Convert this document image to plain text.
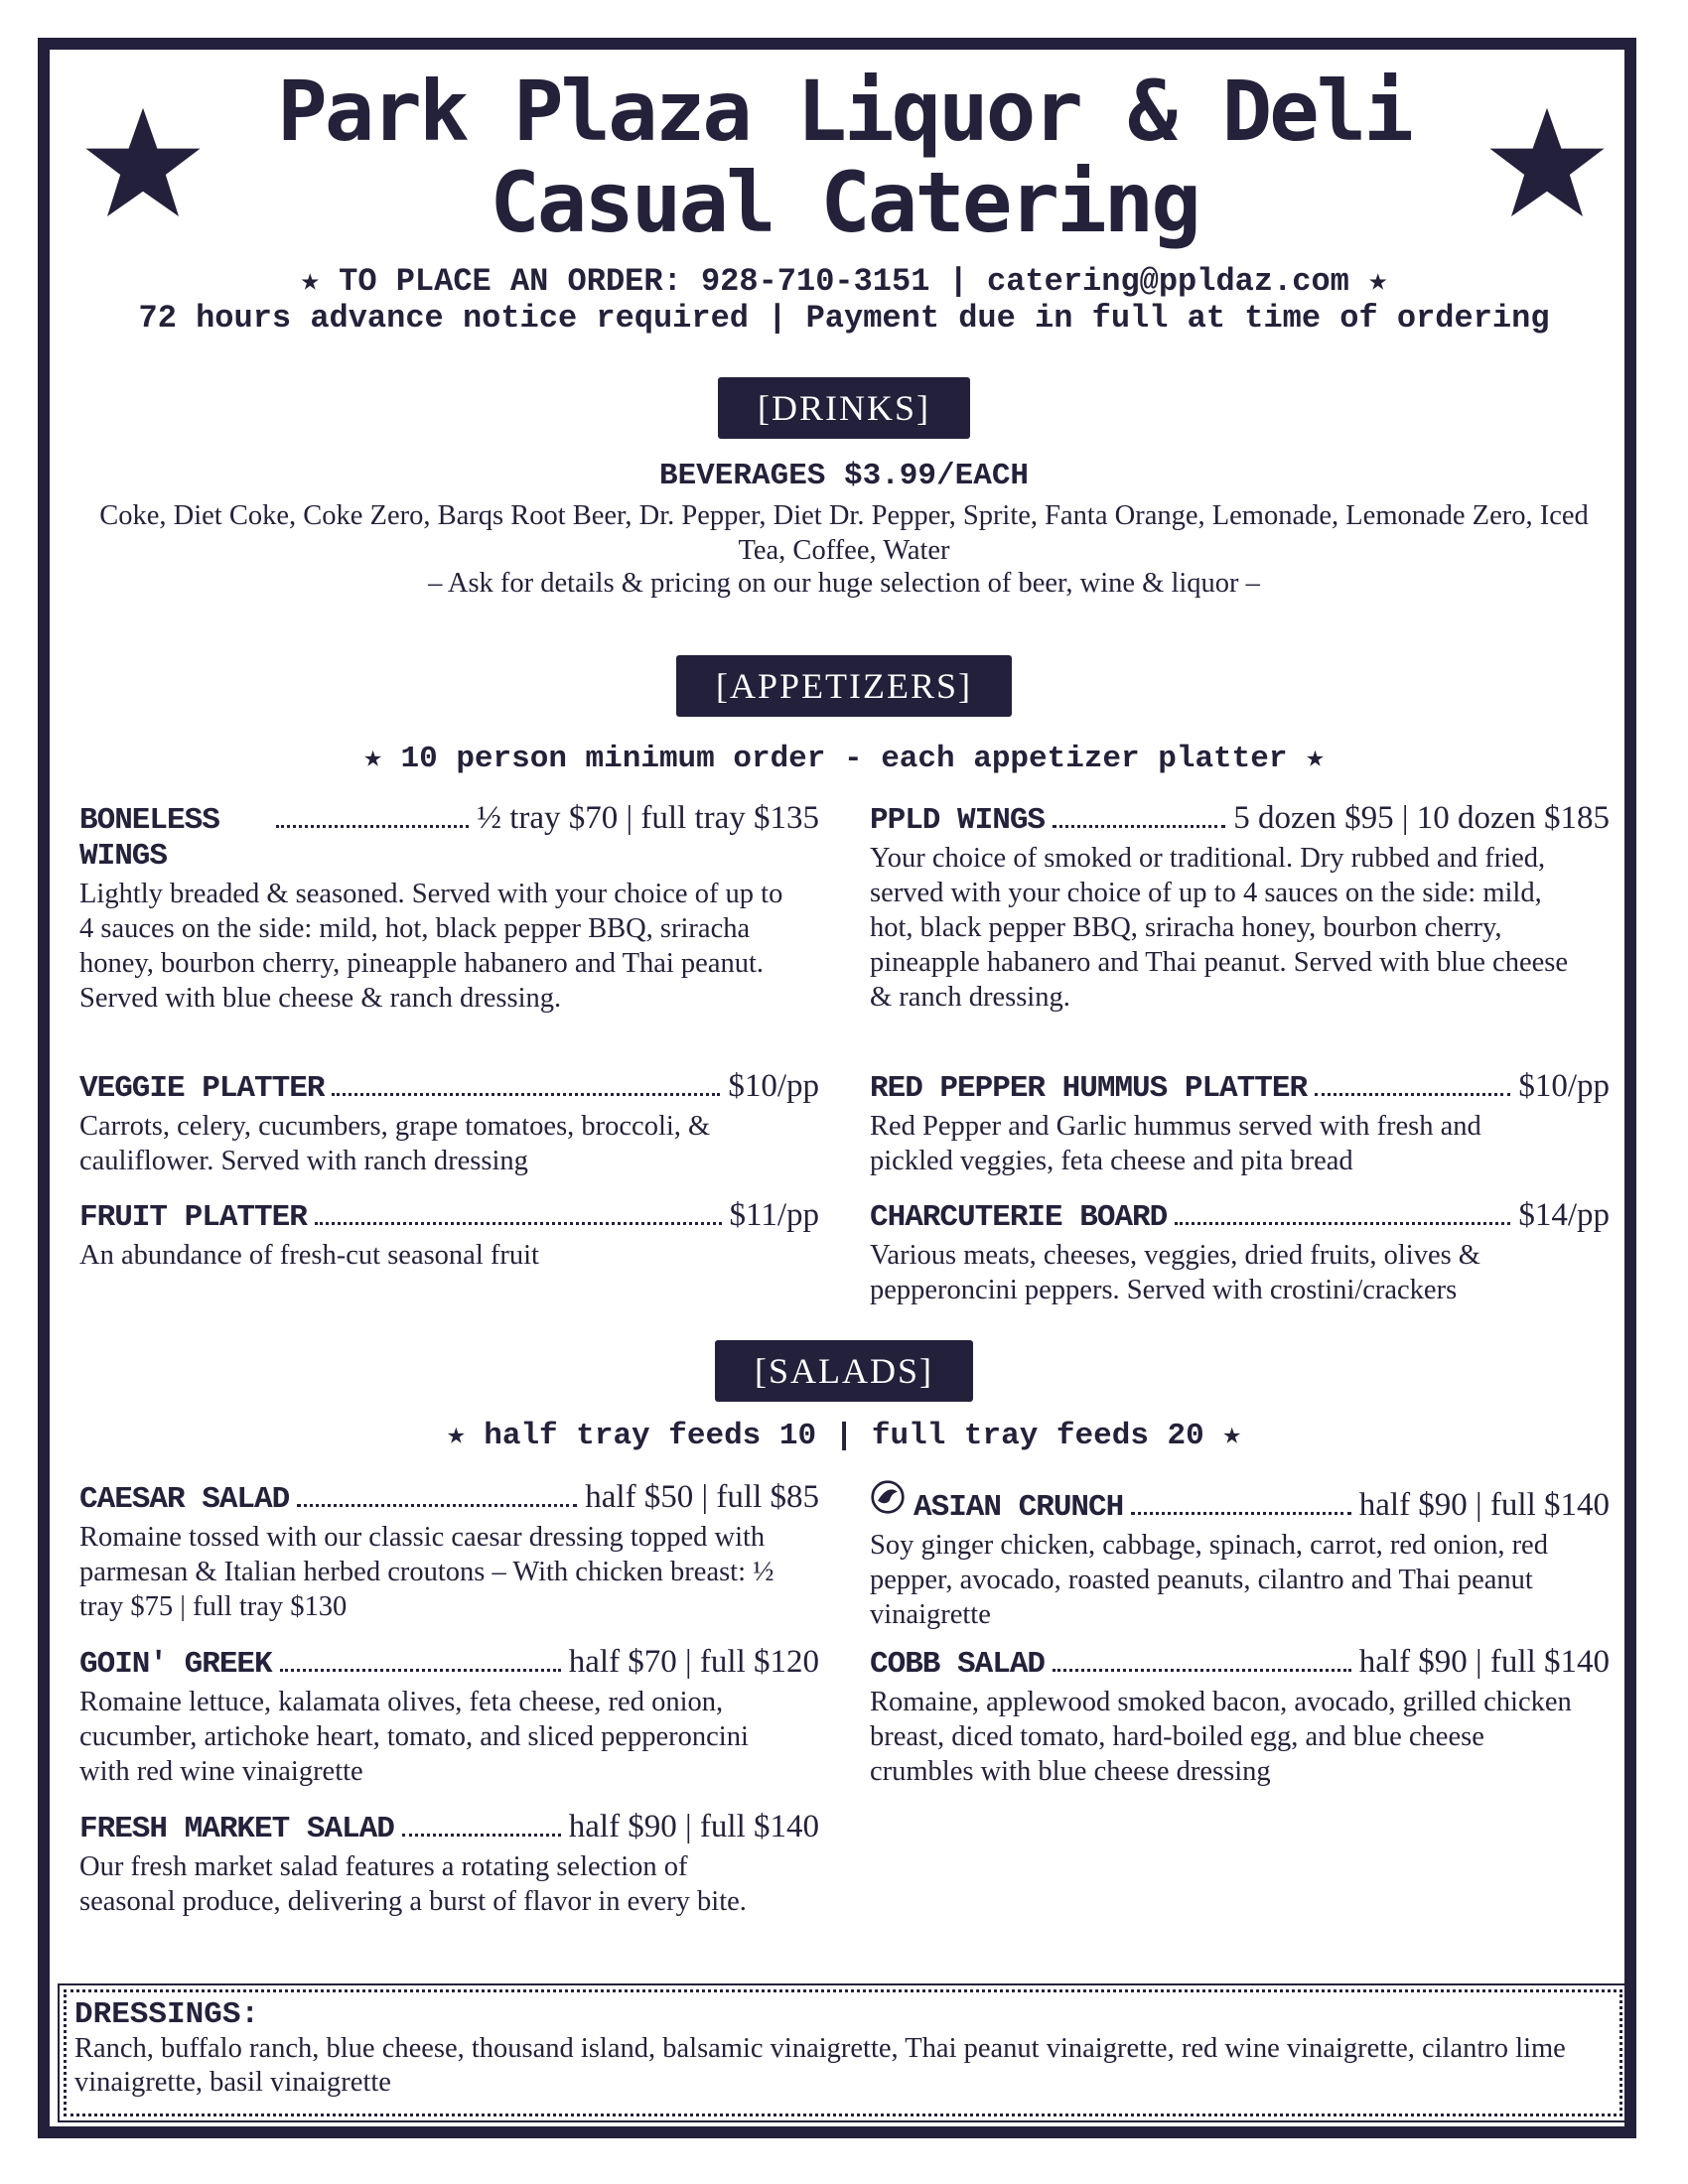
Park Plaza Liquor & Deli
Casual Catering
★ TO PLACE AN ORDER: 928-710-3151 | catering@ppldaz.com ★
72 hours advance notice required | Payment due in full at time of ordering
[DRINKS]
BEVERAGES $3.99/EACH
Coke, Diet Coke, Coke Zero, Barqs Root Beer, Dr. Pepper, Diet Dr. Pepper, Sprite, Fanta Orange, Lemonade, Lemonade Zero, Iced Tea, Coffee, Water
– Ask for details & pricing on our huge selection of beer, wine & liquor –
[APPETIZERS]
★ 10 person minimum order - each appetizer platter ★
BONELESS WINGS
½ tray $70 | full tray $135
Lightly breaded & seasoned. Served with your choice of up to 4 sauces on the side: mild, hot, black pepper BBQ, sriracha honey, bourbon cherry, pineapple habanero and Thai peanut. Served with blue cheese & ranch dressing.
PPLD WINGS	5 dozen $95 | 10 dozen $185
Your choice of smoked or traditional. Dry rubbed and fried, served with your choice of up to 4 sauces on the side: mild, hot, black pepper BBQ, sriracha honey, bourbon cherry, pineapple habanero and Thai peanut. Served with blue cheese & ranch dressing.
VEGGIE PLATTER	$10/pp
Carrots, celery, cucumbers, grape tomatoes, broccoli, & cauliflower. Served with ranch dressing
RED PEPPER HUMMUS PLATTER	$10/pp
Red Pepper and Garlic hummus served with fresh and pickled veggies, feta cheese and pita bread
FRUIT PLATTER	$11/pp
An abundance of fresh-cut seasonal fruit
CHARCUTERIE BOARD	$14/pp
Various meats, cheeses, veggies, dried fruits, olives & pepperoncini peppers. Served with crostini/crackers
[SALADS]
★ half tray feeds 10 | full tray feeds 20 ★
CAESAR SALAD	half $50 | full $85
Romaine tossed with our classic caesar dressing topped with parmesan & Italian herbed croutons – With chicken breast: ½ tray $75 | full tray $130
ASIAN CRUNCH	half $90 | full $140
Soy ginger chicken, cabbage, spinach, carrot, red onion, red pepper, avocado, roasted peanuts, cilantro and Thai peanut vinaigrette
GOIN' GREEK	half $70 | full $120
Romaine lettuce, kalamata olives, feta cheese, red onion, cucumber, artichoke heart, tomato, and sliced pepperoncini with red wine vinaigrette
COBB SALAD	half $90 | full $140
Romaine, applewood smoked bacon, avocado, grilled chicken breast, diced tomato, hard-boiled egg, and blue cheese crumbles with blue cheese dressing
FRESH MARKET SALAD	half $90 | full $140
Our fresh market salad features a rotating selection of seasonal produce, delivering a burst of flavor in every bite.
DRESSINGS:
Ranch, buffalo ranch, blue cheese, thousand island, balsamic vinaigrette, Thai peanut vinaigrette, red wine vinaigrette, cilantro lime vinaigrette, basil vinaigrette
